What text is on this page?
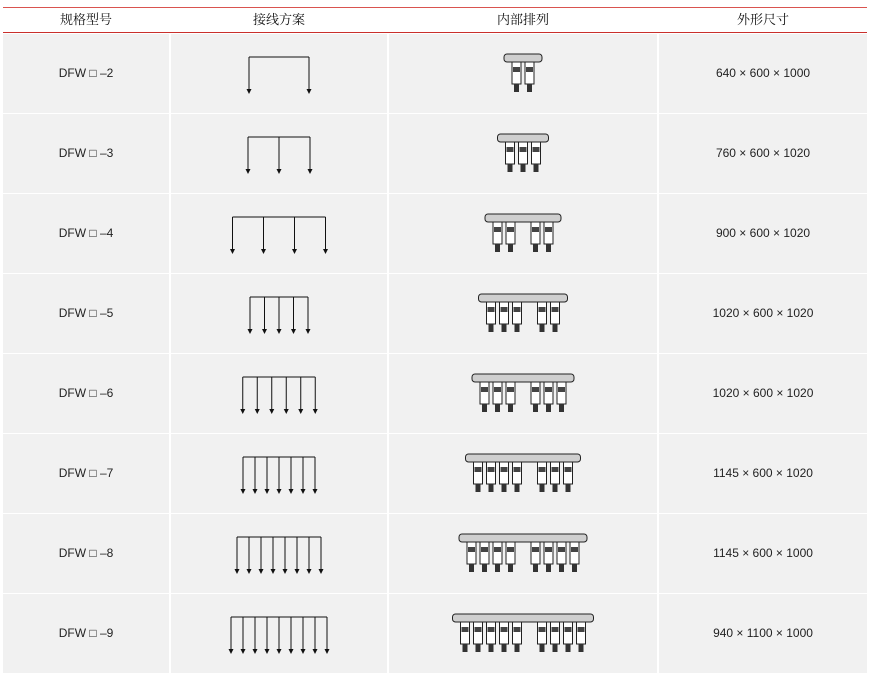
规格型号	接线方案	内部排列	外形尺寸
DFW □ –2	640 × 600 × 1000
DFW □ –3	760 × 600 × 1020
DFW □ –4	900 × 600 × 1020
DFW □ –5	1020 × 600 × 1020
DFW □ –6	1020 × 600 × 1020
DFW □ –7	1145 × 600 × 1020
DFW □ –8	1145 × 600 × 1000
DFW □ –9	940 × 1100 × 1000
